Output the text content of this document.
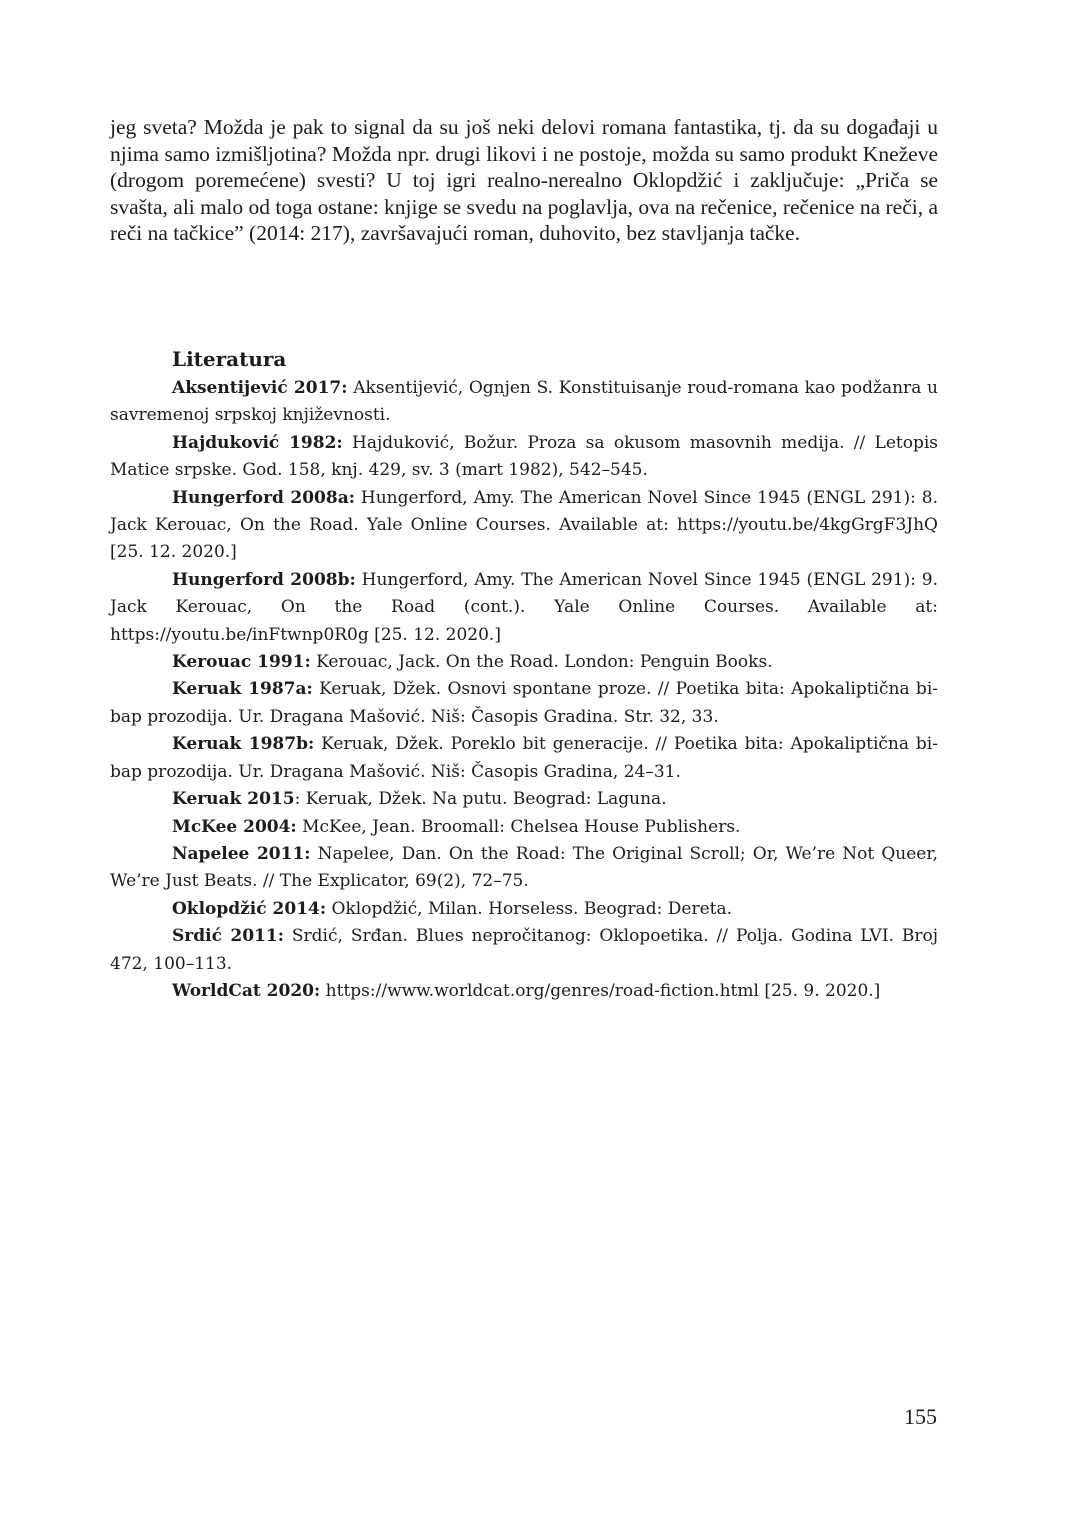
jeg sveta? Možda je pak to signal da su još neki delovi romana fantastika, tj. da su događaji u njima samo izmišljotina? Možda npr. drugi likovi i ne postoje, možda su samo produkt Kneževe (drogom poremećene) svesti? U toj igri realno-nerealno Oklopdžić i zaključuje: „Priča se svašta, ali malo od toga ostane: knjige se svedu na poglavlja, ova na rečenice, rečenice na reči, a reči na tačkice” (2014: 217), završavajući roman, duhovito, bez stavljanja tačke.

Literatura

Aksentijević 2017: Aksentijević, Ognjen S. Konstituisanje roud-romana kao podžanra u savremenoj srpskoj književnosti.

Hajduković 1982: Hajduković, Božur. Proza sa okusom masovnih medija. // Letopis Matice srpske. God. 158, knj. 429, sv. 3 (mart 1982), 542–545.

Hungerford 2008a: Hungerford, Amy. The American Novel Since 1945 (ENGL 291): 8. Jack Kerouac, On the Road. Yale Online Courses. Available at: https://youtu.be/4kgGrgF3JhQ [25. 12. 2020.]

Hungerford 2008b: Hungerford, Amy. The American Novel Since 1945 (ENGL 291): 9. Jack Kerouac, On the Road (cont.). Yale Online Courses. Available at: https://youtu.be/inFtwnp0R0g [25. 12. 2020.]

Kerouac 1991: Kerouac, Jack. On the Road. London: Penguin Books.

Keruak 1987a: Keruak, Džek. Osnovi spontane proze. // Poetika bita: Apokaliptična bi-bap prozodija. Ur. Dragana Mašović. Niš: Časopis Gradina. Str. 32, 33.

Keruak 1987b: Keruak, Džek. Poreklo bit generacije. // Poetika bita: Apokaliptična bi-bap prozodija. Ur. Dragana Mašović. Niš: Časopis Gradina, 24–31.

Keruak 2015: Keruak, Džek. Na putu. Beograd: Laguna.

McKee 2004: McKee, Jean. Broomall: Chelsea House Publishers.

Napelee 2011: Napelee, Dan. On the Road: The Original Scroll; Or, We’re Not Queer, We’re Just Beats. // The Explicator, 69(2), 72–75.

Oklopdžić 2014: Oklopdžić, Milan. Horseless. Beograd: Dereta.

Srdić 2011: Srdić, Srđan. Blues nepročitanog: Oklopoetika. // Polja. Godina LVI. Broj 472, 100–113.

WorldCat 2020: https://www.worldcat.org/genres/road-fiction.html [25. 9. 2020.]

155
